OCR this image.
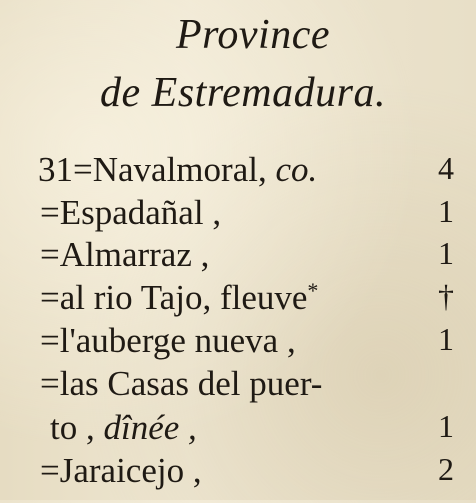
Province
de Estremadura.
31=Navalmoral, co.	4
=Espadañal ,	1
=Almarraz ,	1
=al rio Tajo, fleuve*	†
=l'auberge nueva ,	1
=las Casas del puer-
to , dînée ,	1
=Jaraicejo ,	2
